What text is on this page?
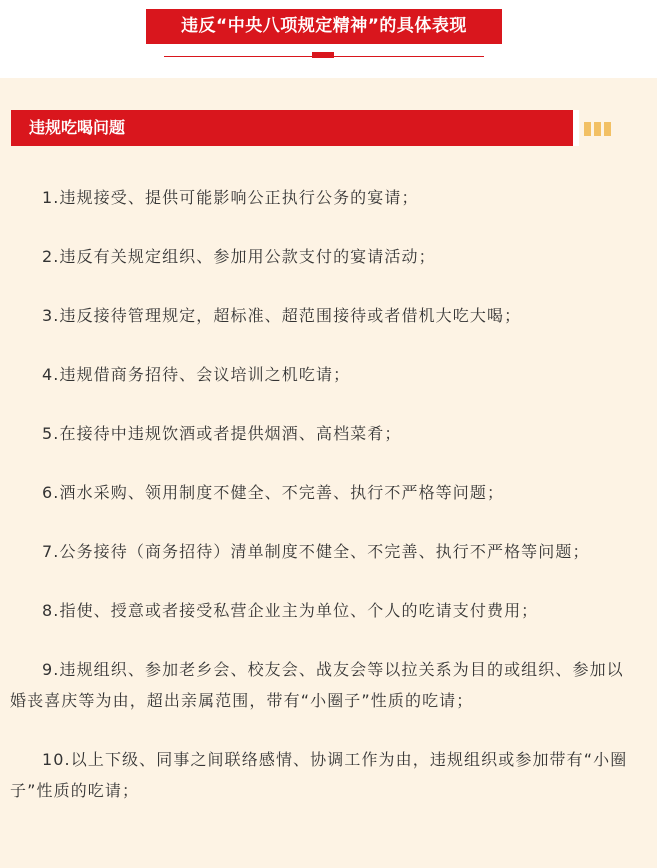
违反“中央八项规定精神”的具体表现
违规吃喝问题

1.违规接受、提供可能影响公正执行公务的宴请；

2.违反有关规定组织、参加用公款支付的宴请活动；

3.违反接待管理规定，超标准、超范围接待或者借机大吃大喝；

4.违规借商务招待、会议培训之机吃请；

5.在接待中违规饮酒或者提供烟酒、高档菜肴；

6.酒水采购、领用制度不健全、不完善、执行不严格等问题；

7.公务接待（商务招待）清单制度不健全、不完善、执行不严格等问题；

8.指使、授意或者接受私营企业主为单位、个人的吃请支付费用；

9.违规组织、参加老乡会、校友会、战友会等以拉关系为目的或组织、参加以婚丧喜庆等为由，超出亲属范围，带有“小圈子”性质的吃请；

10.以上下级、同事之间联络感情、协调工作为由，违规组织或参加带有“小圈子”性质的吃请；
